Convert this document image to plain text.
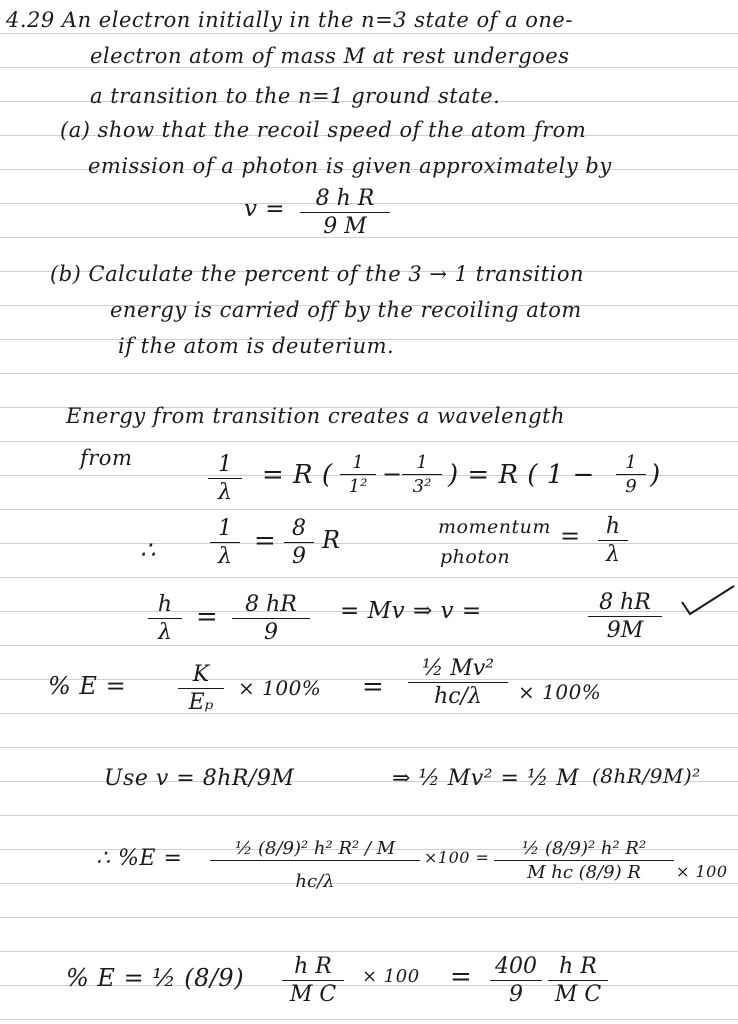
4.29 An electron initially in the n=3 state of a one-
electron atom of mass M at rest undergoes
a transition to the n=1 ground state.
(a) show that the recoil speed of the atom from
emission of a photon is given approximately by
$v = \frac{\text{8 h R}}{9 M}$
(b) Calculate the percent of the 3 → 1 transition
energy is carried off by the recoiling atom
if the atom is deuterium.
Energy from transition creates a wavelength
from	$\frac{1}{\lambda} = R$ ( $\frac{1}{\text{1²}} - \frac{1}{\text{3²}}$ ) = R ( $1 - \frac{1}{9}$ )
∴ $\frac{1}{\lambda} = \frac{8}{9}$ R	momentum
photon
= $\frac{h}{\lambda}$
$\frac{h}{\lambda} = \frac{8 hR}{9} = Mv$ ⇒ v =	$\frac{8 hR}{9M}$
% $E = \frac{K}{\text{Eₚ}} \times 100\% = \frac{\text{½ Mv²}}{hc/\lambda} \times 100\%$
Use v = 8hR/9M	⇒ ½ Mv² = ½ M (8hR/9M)²
∴ $\%E = \frac{\text{½ (8/9)² h² R² / M}}{hc/\lambda} \times 100 = \frac{\text{½ (8/9)² h² R²}}{\text{M hc (8/9) R}} \times 100$
% E = ½ $(8/9) \frac{\text{h R}}{\text{M C}} \times 100 = \frac{400}{9} \frac{\text{h R}}{\text{M C}}$
